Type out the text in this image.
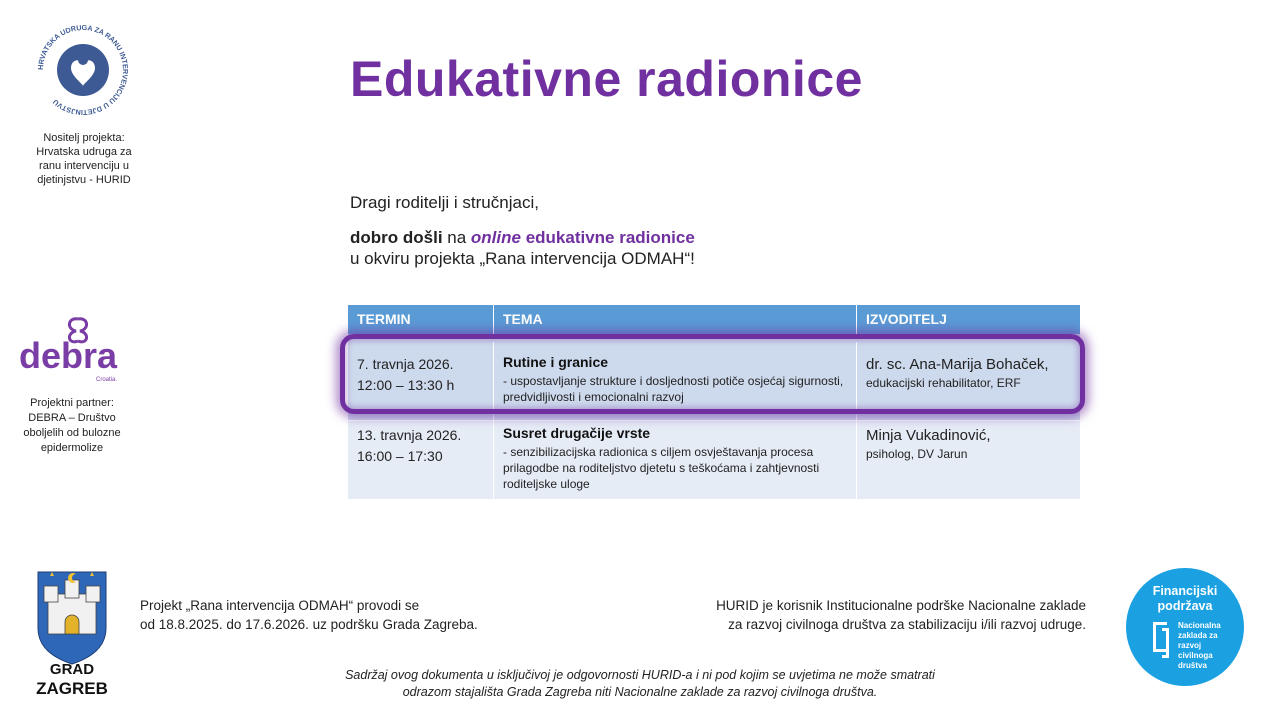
HRVATSKA UDRUGA ZA RANU INTERVENCIJU U DJETINJSTVU
Nositelj projekta:
Hrvatska udruga za
ranu intervenciju u
djetinjstvu - HURID
debra
Croatia.
Projektni partner:
DEBRA – Društvo
oboljelih od bulozne
epidermolize
GRAD
ZAGREB
Edukativne radionice
Dragi roditelji i stručnjaci,
dobro došli na online edukativne radionice
u okviru projekta „Rana intervencija ODMAH“!
TERMIN	TEMA	IZVODITELJ
7. travnja 2026.
12:00 – 13:30 h
Rutine i granice
- uspostavljanje strukture i dosljednosti potiče osjećaj sigurnosti, predvidljivosti i emocionalni razvoj
dr. sc. Ana-Marija Bohaček,
edukacijski rehabilitator, ERF
13. travnja 2026.
16:00 – 17:30
Susret drugačije vrste
- senzibilizacijska radionica s ciljem osvještavanja procesa prilagodbe na roditeljstvo djetetu s teškoćama i zahtjevnosti roditeljske uloge
Minja Vukadinović,
psiholog, DV Jarun
Projekt „Rana intervencija ODMAH“ provodi se
od 18.8.2025. do 17.6.2026. uz podršku Grada Zagreba.
HURID je korisnik Institucionalne podrške Nacionalne zaklade
za razvoj civilnoga društva za stabilizaciju i/ili razvoj udruge.
Sadržaj ovog dokumenta u isključivoj je odgovornosti HURID-a i ni pod kojim se uvjetima ne može smatrati
odrazom stajališta Grada Zagreba niti Nacionalne zaklade za razvoj civilnoga društva.
Financijski
podržava
Nacionalna
zaklada za
razvoj
civilnoga
društva
